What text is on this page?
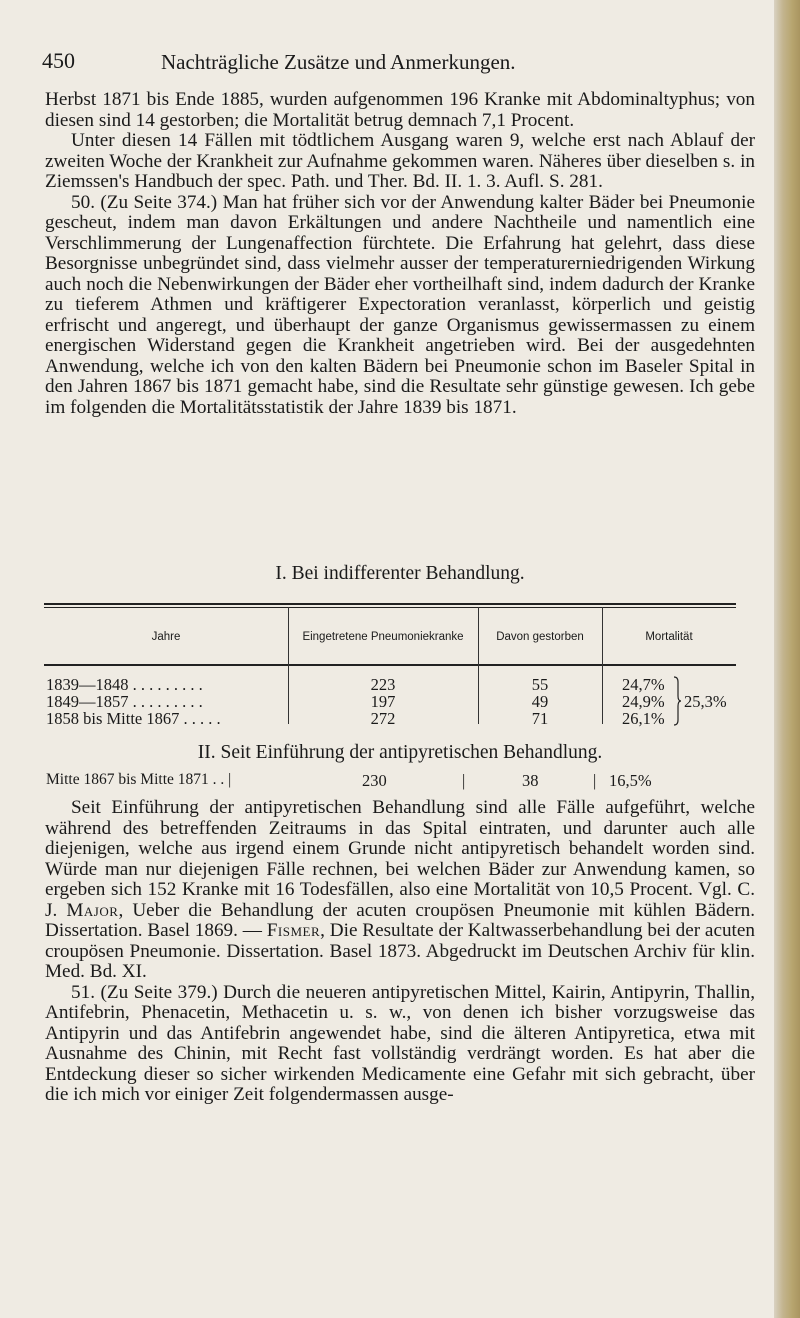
450	Nachträgliche Zusätze und Anmerkungen.

Herbst 1871 bis Ende 1885, wurden aufgenommen 196 Kranke mit Abdominaltyphus; von diesen sind 14 gestorben; die Mortalität betrug demnach 7,1 Procent.

Unter diesen 14 Fällen mit tödtlichem Ausgang waren 9, welche erst nach Ablauf der zweiten Woche der Krankheit zur Aufnahme gekommen waren. Näheres über dieselben s. in Ziemssen's Handbuch der spec. Path. und Ther. Bd. II. 1. 3. Aufl. S. 281.

50. (Zu Seite 374.) Man hat früher sich vor der Anwendung kalter Bäder bei Pneumonie gescheut, indem man davon Erkältungen und andere Nachtheile und namentlich eine Verschlimmerung der Lungenaffection fürchtete. Die Erfahrung hat gelehrt, dass diese Besorgnisse unbegründet sind, dass vielmehr ausser der temperaturerniedrigenden Wirkung auch noch die Nebenwirkungen der Bäder eher vortheilhaft sind, indem dadurch der Kranke zu tieferem Athmen und kräftigerer Expectoration veranlasst, körperlich und geistig erfrischt und angeregt, und überhaupt der ganze Organismus gewissermassen zu einem energischen Widerstand gegen die Krankheit angetrieben wird. Bei der ausgedehnten Anwendung, welche ich von den kalten Bädern bei Pneumonie schon im Baseler Spital in den Jahren 1867 bis 1871 gemacht habe, sind die Resultate sehr günstige gewesen. Ich gebe im folgenden die Mortalitätsstatistik der Jahre 1839 bis 1871.

I. Bei indifferenter Behandlung.
Jahre	Eingetretene Pneumoniekranke	Davon gestorben	Mortalität
1839—1848 . . . . . . . . .	223	55	24,7%
1849—1857 . . . . . . . . .	197	49	24,9%
1858 bis Mitte 1867 . . . . .	272	71	26,1%
25,3%
II. Seit Einführung der antipyretischen Behandlung.
Mitte 1867 bis Mitte 1871 . . |	230	|	38	| 16,5%

Seit Einführung der antipyretischen Behandlung sind alle Fälle aufgeführt, welche während des betreffenden Zeitraums in das Spital eintraten, und darunter auch alle diejenigen, welche aus irgend einem Grunde nicht antipyretisch behandelt worden sind. Würde man nur diejenigen Fälle rechnen, bei welchen Bäder zur Anwendung kamen, so ergeben sich 152 Kranke mit 16 Todesfällen, also eine Mortalität von 10,5 Procent. Vgl. C. J. Major, Ueber die Behandlung der acuten croupösen Pneumonie mit kühlen Bädern. Dissertation. Basel 1869. — Fismer, Die Resultate der Kaltwasserbehandlung bei der acuten croupösen Pneumonie. Dissertation. Basel 1873. Abgedruckt im Deutschen Archiv für klin. Med. Bd. XI.

51. (Zu Seite 379.) Durch die neueren antipyretischen Mittel, Kairin, Antipyrin, Thallin, Antifebrin, Phenacetin, Methacetin u. s. w., von denen ich bisher vorzugsweise das Antipyrin und das Antifebrin angewendet habe, sind die älteren Antipyretica, etwa mit Ausnahme des Chinin, mit Recht fast vollständig verdrängt worden. Es hat aber die Entdeckung dieser so sicher wirkenden Medicamente eine Gefahr mit sich gebracht, über die ich mich vor einiger Zeit folgendermassen ausge-
